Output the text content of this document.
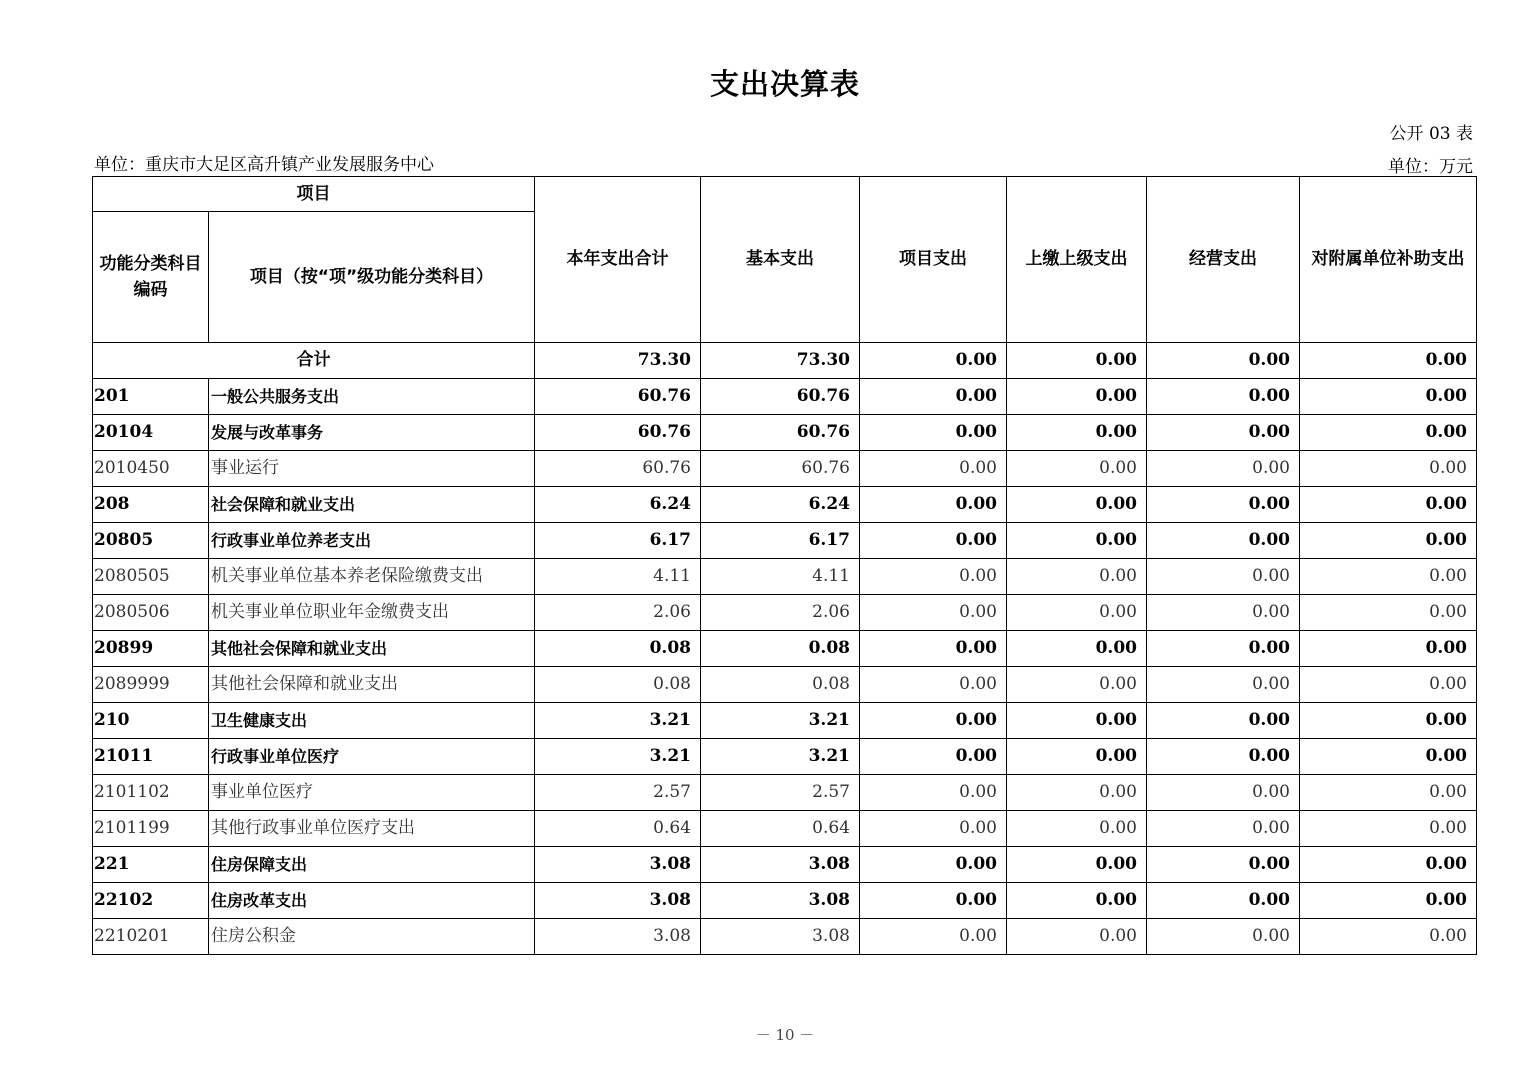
支出决算表
公开 03 表
单位：重庆市大足区高升镇产业发展服务中心	单位：万元
项目		本年支出合计	基本支出	项目支出	上缴上级支出	经营支出	对附属单位补助支出
功能分类科目编码	项目（按“项”级功能分类科目）						
合计		73.30	73.30	0.00	0.00	0.00	0.00
201	一般公共服务支出	60.76	60.76	0.00	0.00	0.00	0.00
20104	发展与改革事务	60.76	60.76	0.00	0.00	0.00	0.00
2010450	事业运行	60.76	60.76	0.00	0.00	0.00	0.00
208	社会保障和就业支出	6.24	6.24	0.00	0.00	0.00	0.00
20805	行政事业单位养老支出	6.17	6.17	0.00	0.00	0.00	0.00
2080505	机关事业单位基本养老保险缴费支出	4.11	4.11	0.00	0.00	0.00	0.00
2080506	机关事业单位职业年金缴费支出	2.06	2.06	0.00	0.00	0.00	0.00
20899	其他社会保障和就业支出	0.08	0.08	0.00	0.00	0.00	0.00
2089999	其他社会保障和就业支出	0.08	0.08	0.00	0.00	0.00	0.00
210	卫生健康支出	3.21	3.21	0.00	0.00	0.00	0.00
21011	行政事业单位医疗	3.21	3.21	0.00	0.00	0.00	0.00
2101102	事业单位医疗	2.57	2.57	0.00	0.00	0.00	0.00
2101199	其他行政事业单位医疗支出	0.64	0.64	0.00	0.00	0.00	0.00
221	住房保障支出	3.08	3.08	0.00	0.00	0.00	0.00
22102	住房改革支出	3.08	3.08	0.00	0.00	0.00	0.00
2210201	住房公积金	3.08	3.08	0.00	0.00	0.00	0.00
－ 10 －
